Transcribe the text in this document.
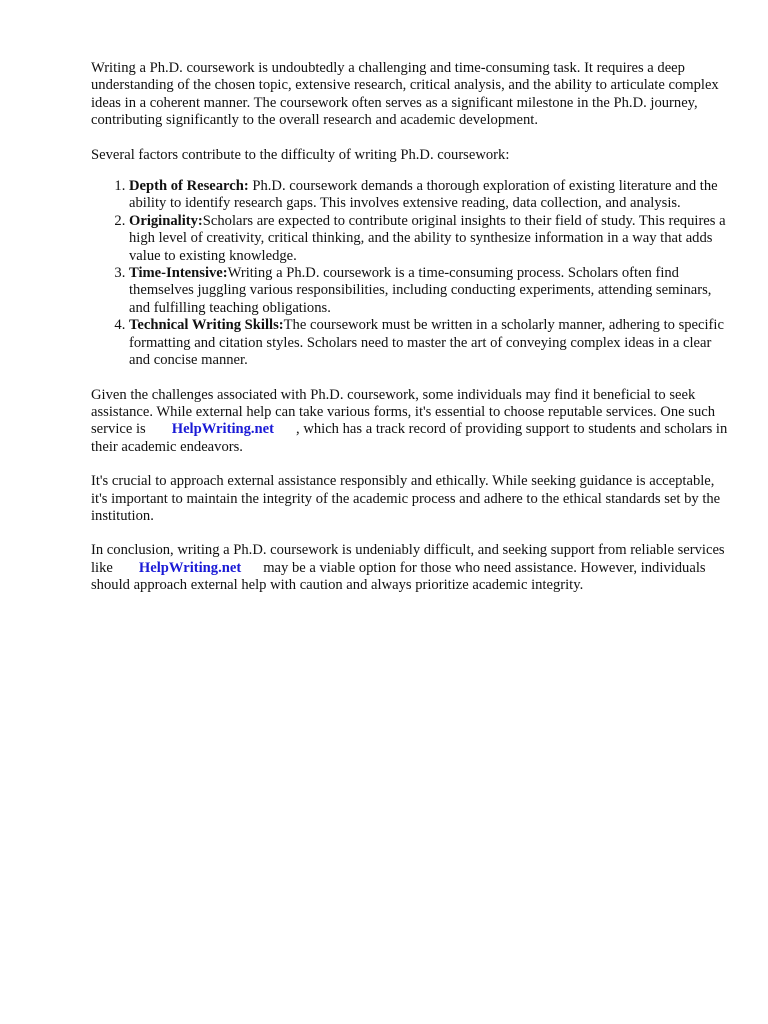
Writing a Ph.D. coursework is undoubtedly a challenging and time-consuming task. It requires a deep understanding of the chosen topic, extensive research, critical analysis, and the ability to articulate complex ideas in a coherent manner. The coursework often serves as a significant milestone in the Ph.D. journey, contributing significantly to the overall research and academic development.

Several factors contribute to the difficulty of writing Ph.D. coursework:

1. Depth of Research: Ph.D. coursework demands a thorough exploration of existing literature and the ability to identify research gaps. This involves extensive reading, data collection, and analysis.
2. Originality:Scholars are expected to contribute original insights to their field of study. This requires a high level of creativity, critical thinking, and the ability to synthesize information in a way that adds value to existing knowledge.
3. Time-Intensive:Writing a Ph.D. coursework is a time-consuming process. Scholars often find themselves juggling various responsibilities, including conducting experiments, attending seminars, and fulfilling teaching obligations.
4. Technical Writing Skills:The coursework must be written in a scholarly manner, adhering to specific formatting and citation styles. Scholars need to master the art of conveying complex ideas in a clear and concise manner.

Given the challenges associated with Ph.D. coursework, some individuals may find it beneficial to seek assistance. While external help can take various forms, it's essential to choose reputable services. One such service is HelpWriting.net , which has a track record of providing support to students and scholars in their academic endeavors.

It's crucial to approach external assistance responsibly and ethically. While seeking guidance is acceptable, it's important to maintain the integrity of the academic process and adhere to the ethical standards set by the institution.

In conclusion, writing a Ph.D. coursework is undeniably difficult, and seeking support from reliable services like HelpWriting.net may be a viable option for those who need assistance. However, individuals should approach external help with caution and always prioritize academic integrity.
